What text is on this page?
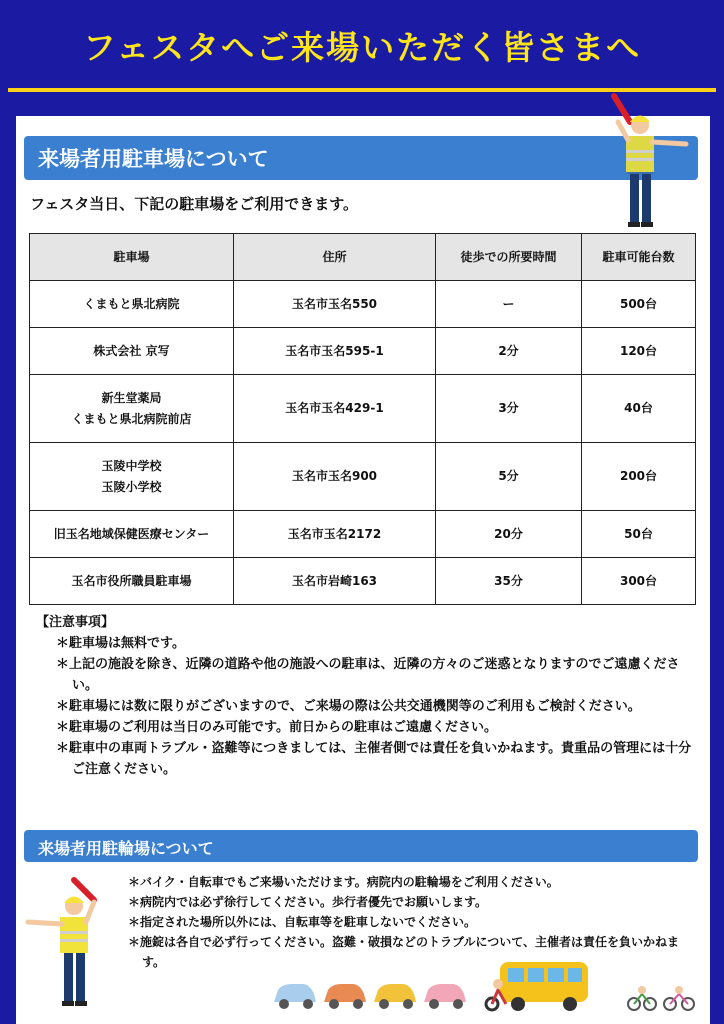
フェスタへご来場いただく皆さまへ
来場者用駐車場について
フェスタ当日、下記の駐車場をご利用できます。
駐車場	住所	徒歩での所要時間	駐車可能台数

くまもと県北病院	玉名市玉名550	ー	500台

株式会社 京写	玉名市玉名595-1	2分	120台

新生堂薬局
くまもと県北病院前店	玉名市玉名429-1	3分	40台

玉陵中学校
玉陵小学校	玉名市玉名900	5分	200台

旧玉名地域保健医療センター	玉名市玉名2172	20分	50台

玉名市役所職員駐車場	玉名市岩崎163	35分	300台
【注意事項】
＊駐車場は無料です。
＊上記の施設を除き、近隣の道路や他の施設への駐車は、近隣の方々のご迷惑となりますのでご遠慮ください。
＊駐車場には数に限りがございますので、ご来場の際は公共交通機関等のご利用もご検討ください。
＊駐車場のご利用は当日のみ可能です。前日からの駐車はご遠慮ください。
＊駐車中の車両トラブル・盗難等につきましては、主催者側では責任を負いかねます。貴重品の管理には十分ご注意ください。
来場者用駐輪場について
＊バイク・自転車でもご来場いただけます。病院内の駐輪場をご利用ください。
＊病院内では必ず徐行してください。歩行者優先でお願いします。
＊指定された場所以外には、自転車等を駐車しないでください。
＊施錠は各自で必ず行ってください。盗難・破損などのトラブルについて、主催者は責任を負いかねます。
